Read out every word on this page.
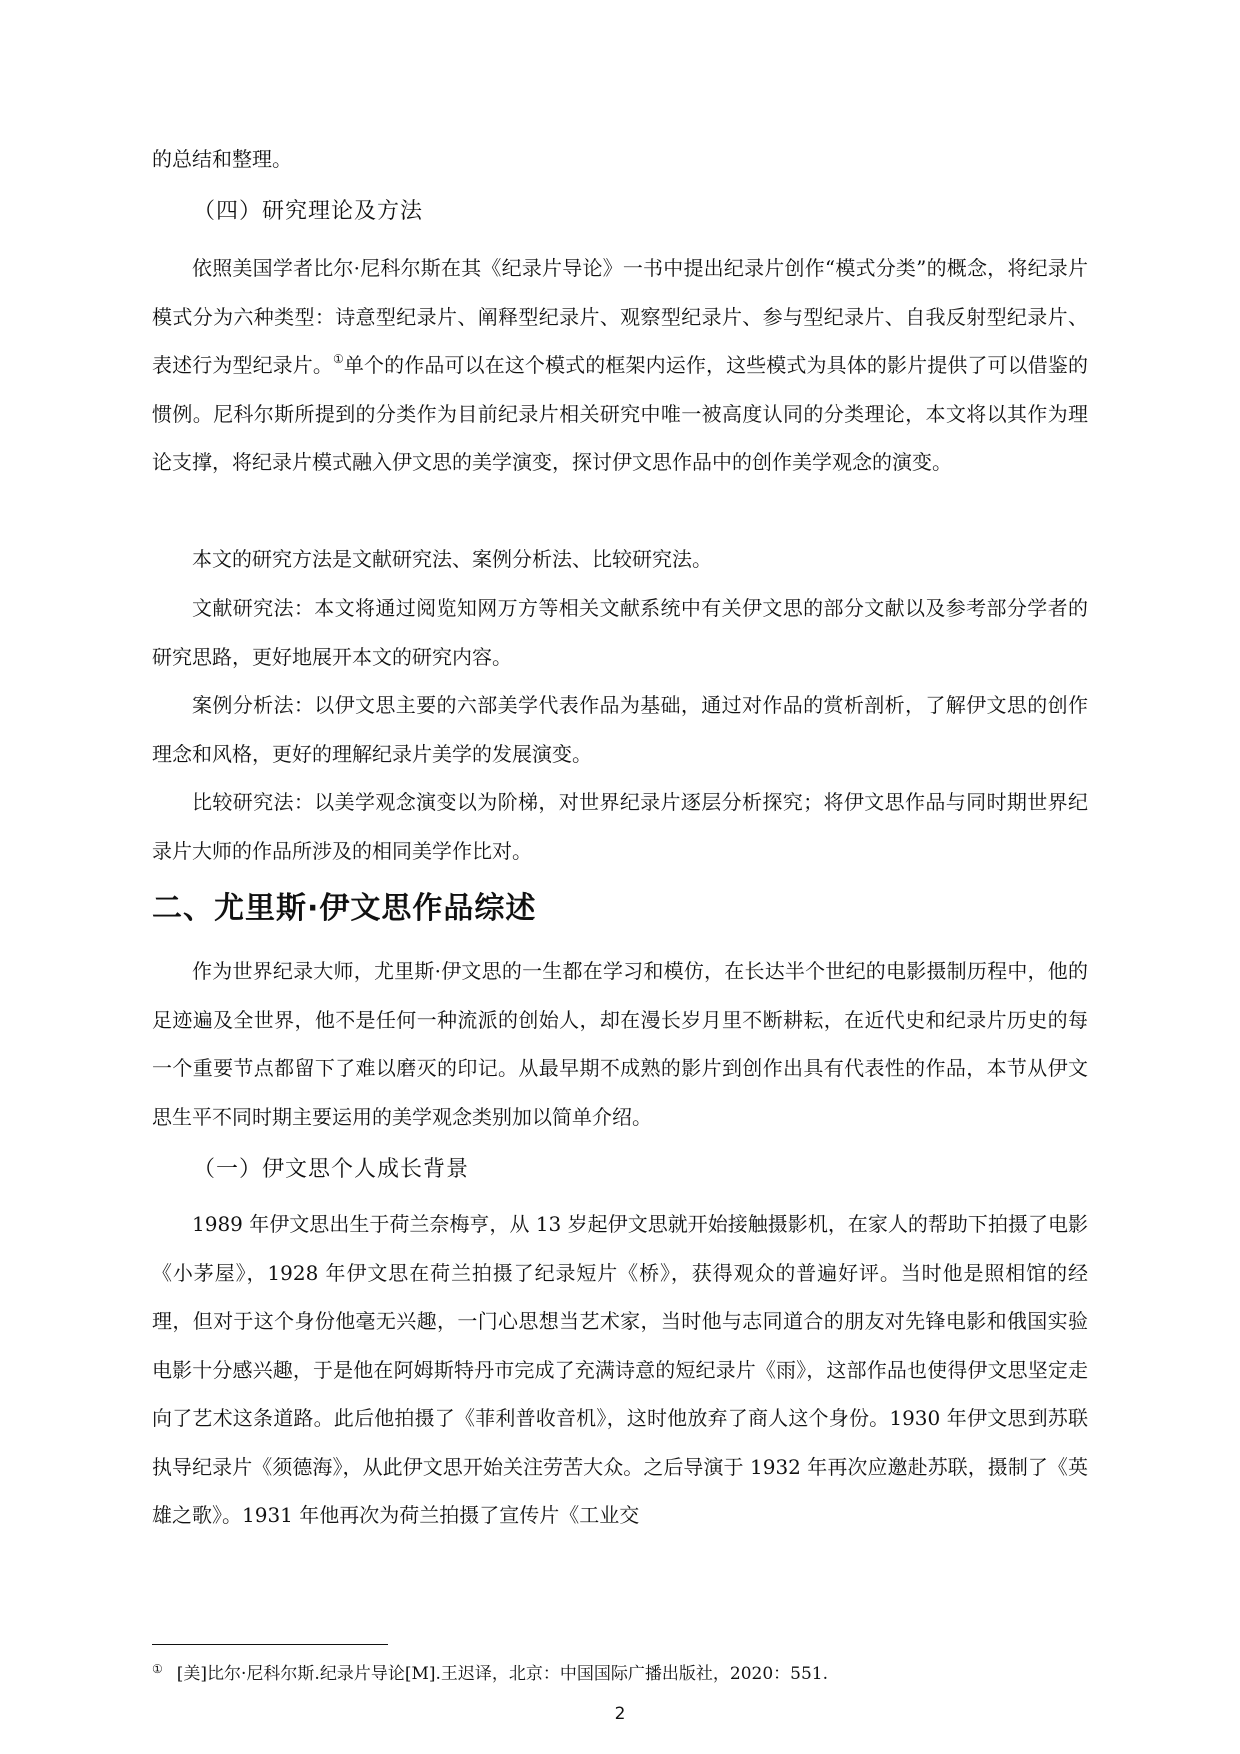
的总结和整理。

（四）研究理论及方法

依照美国学者比尔·尼科尔斯在其《纪录片导论》一书中提出纪录片创作“模式分类”的概念，将纪录片模式分为六种类型：诗意型纪录片、阐释型纪录片、观察型纪录片、参与型纪录片、自我反射型纪录片、表述行为型纪录片。①单个的作品可以在这个模式的框架内运作，这些模式为具体的影片提供了可以借鉴的惯例。尼科尔斯所提到的分类作为目前纪录片相关研究中唯一被高度认同的分类理论，本文将以其作为理论支撑，将纪录片模式融入伊文思的美学演变，探讨伊文思作品中的创作美学观念的演变。

本文的研究方法是文献研究法、案例分析法、比较研究法。

文献研究法：本文将通过阅览知网万方等相关文献系统中有关伊文思的部分文献以及参考部分学者的研究思路，更好地展开本文的研究内容。

案例分析法：以伊文思主要的六部美学代表作品为基础，通过对作品的赏析剖析，了解伊文思的创作理念和风格，更好的理解纪录片美学的发展演变。

比较研究法：以美学观念演变以为阶梯，对世界纪录片逐层分析探究；将伊文思作品与同时期世界纪录片大师的作品所涉及的相同美学作比对。

二、尤里斯·伊文思作品综述

作为世界纪录大师，尤里斯·伊文思的一生都在学习和模仿，在长达半个世纪的电影摄制历程中，他的足迹遍及全世界，他不是任何一种流派的创始人，却在漫长岁月里不断耕耘，在近代史和纪录片历史的每一个重要节点都留下了难以磨灭的印记。从最早期不成熟的影片到创作出具有代表性的作品，本节从伊文思生平不同时期主要运用的美学观念类别加以简单介绍。

（一）伊文思个人成长背景

1989 年伊文思出生于荷兰奈梅亨，从 13 岁起伊文思就开始接触摄影机，在家人的帮助下拍摄了电影《小茅屋》，1928 年伊文思在荷兰拍摄了纪录短片《桥》，获得观众的普遍好评。当时他是照相馆的经理，但对于这个身份他毫无兴趣，一门心思想当艺术家，当时他与志同道合的朋友对先锋电影和俄国实验电影十分感兴趣，于是他在阿姆斯特丹市完成了充满诗意的短纪录片《雨》，这部作品也使得伊文思坚定走向了艺术这条道路。此后他拍摄了《菲利普收音机》，这时他放弃了商人这个身份。1930 年伊文思到苏联执导纪录片《须德海》，从此伊文思开始关注劳苦大众。之后导演于 1932 年再次应邀赴苏联，摄制了《英雄之歌》。1931 年他再次为荷兰拍摄了宣传片《工业交

① [美]比尔·尼科尔斯.纪录片导论[M].王迟译，北京：中国国际广播出版社，2020：551.

2
